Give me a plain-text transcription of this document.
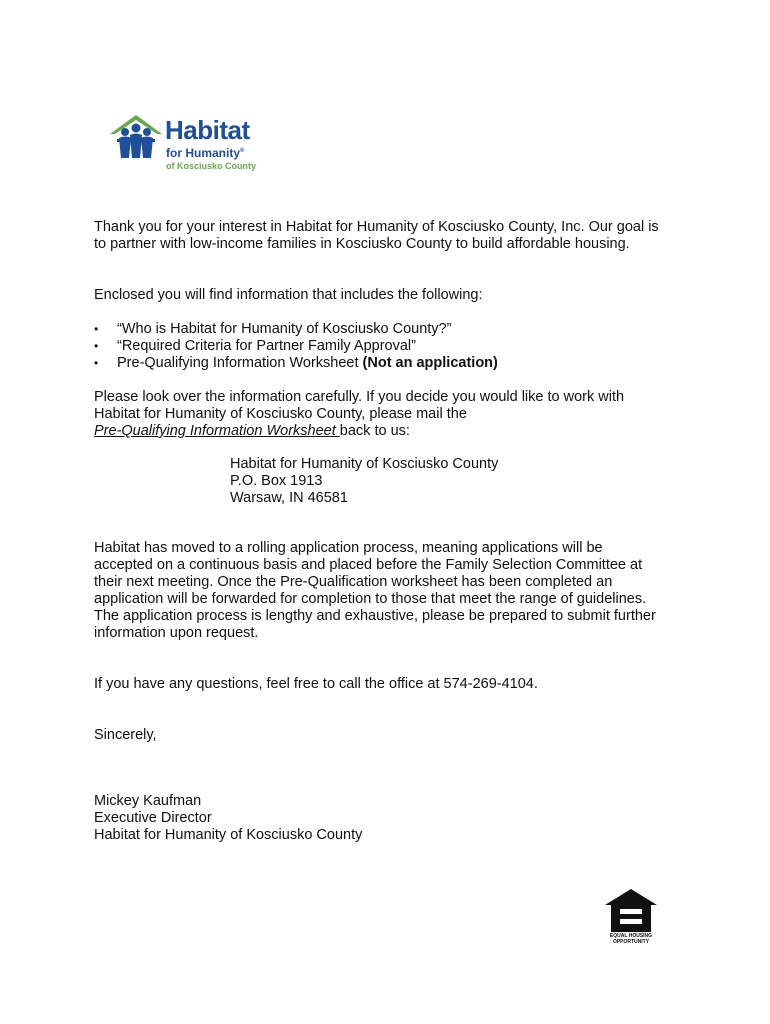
Habitat
for Humanity®
of Kosciusko County

Thank you for your interest in Habitat for Humanity of Kosciusko County, Inc. Our goal is to partner with low-income families in Kosciusko County to build affordable housing.

Enclosed you will find information that includes the following:

• “Who is Habitat for Humanity of Kosciusko County?”
• “Required Criteria for Partner Family Approval”
• Pre-Qualifying Information Worksheet (Not an application)

Please look over the information carefully. If you decide you would like to work with Habitat for Humanity of Kosciusko County, please mail the
Pre-Qualifying Information Worksheet back to us:

Habitat for Humanity of Kosciusko County
P.O. Box 1913
Warsaw, IN 46581

Habitat has moved to a rolling application process, meaning applications will be accepted on a continuous basis and placed before the Family Selection Committee at their next meeting. Once the Pre-Qualification worksheet has been completed an application will be forwarded for completion to those that meet the range of guidelines. The application process is lengthy and exhaustive, please be prepared to submit further information upon request.

If you have any questions, feel free to call the office at 574-269-4104.

Sincerely,

Mickey Kaufman
Executive Director
Habitat for Humanity of Kosciusko County
EQUAL HOUSING
OPPORTUNITY
